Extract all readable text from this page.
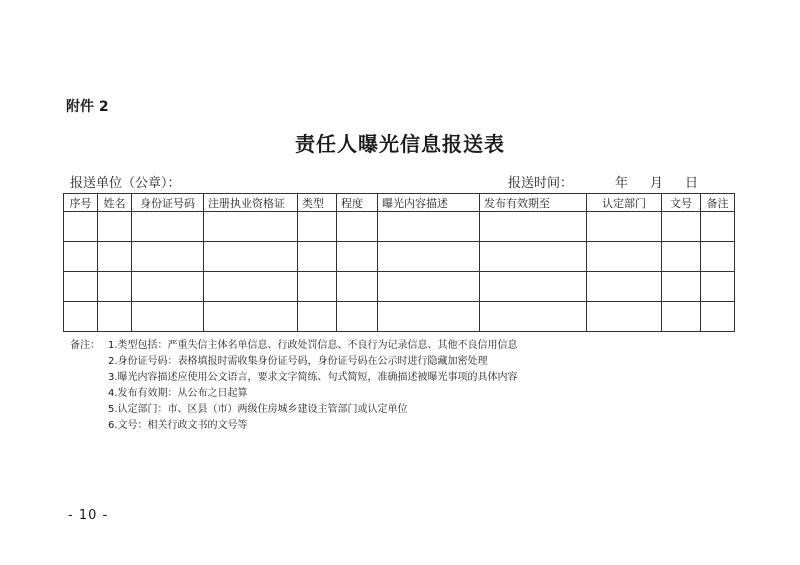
附件 2
责任人曝光信息报送表
报送单位（公章）：	报送时间：	年 月 日
序号	姓名	身份证号码	注册执业资格证	类型	程度	曝光内容描述	发布有效期至	认定部门	文号	备注

备注： 1.类型包括：严重失信主体名单信息、行政处罚信息、不良行为记录信息、其他不良信用信息
2.身份证号码：表格填报时需收集身份证号码，身份证号码在公示时进行隐藏加密处理
3.曝光内容描述应使用公文语言，要求文字简练、句式简短，准确描述被曝光事项的具体内容
4.发布有效期：从公布之日起算
5.认定部门：市、区县（市）两级住房城乡建设主管部门或认定单位
6.文号：相关行政文书的文号等
- 10 -
